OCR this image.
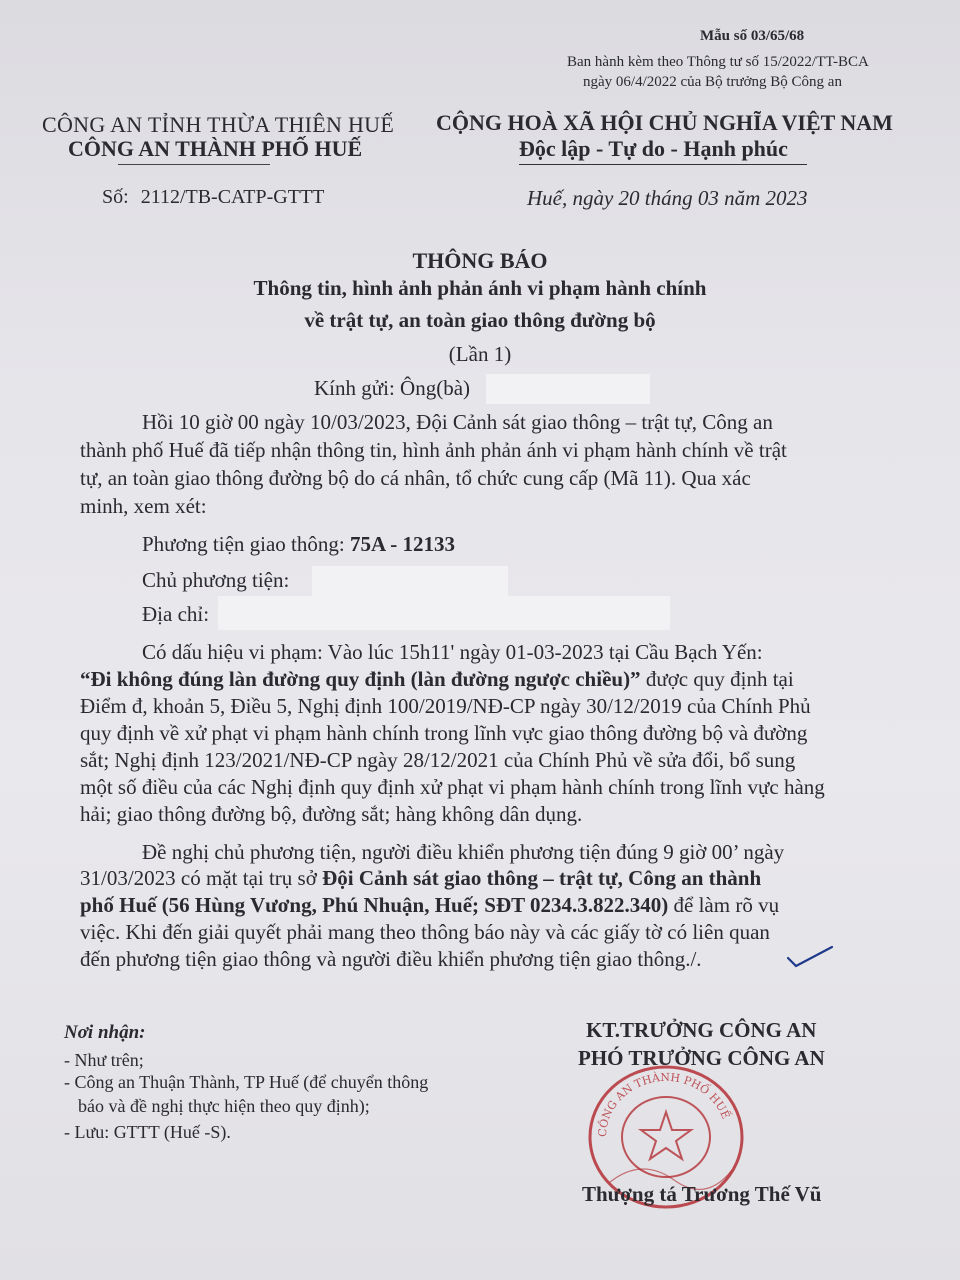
Mẫu số 03/65/68
Ban hành kèm theo Thông tư số 15/2022/TT-BCA
ngày 06/4/2022 của Bộ trưởng Bộ Công an
CÔNG AN TỈNH THỪA THIÊN HUẾ
CÔNG AN THÀNH PHỐ HUẾ
CỘNG HOÀ XÃ HỘI CHỦ NGHĨA VIỆT NAM
Độc lập - Tự do - Hạnh phúc
Số: 2112/TB-CATP-GTTT	Huế, ngày 20 tháng 03 năm 2023
THÔNG BÁO
Thông tin, hình ảnh phản ánh vi phạm hành chính
về trật tự, an toàn giao thông đường bộ
(Lần 1)
Kính gửi: Ông(bà)
Hồi 10 giờ 00 ngày 10/03/2023, Đội Cảnh sát giao thông – trật tự, Công an
thành phố Huế đã tiếp nhận thông tin, hình ảnh phản ánh vi phạm hành chính về trật
tự, an toàn giao thông đường bộ do cá nhân, tổ chức cung cấp (Mã 11). Qua xác
minh, xem xét:
Phương tiện giao thông: 75A - 12133
Chủ phương tiện:
Địa chỉ:
Có dấu hiệu vi phạm: Vào lúc 15h11' ngày 01-03-2023 tại Cầu Bạch Yến:
“Đi không đúng làn đường quy định (làn đường ngược chiều)” được quy định tại
Điểm đ, khoản 5, Điều 5, Nghị định 100/2019/NĐ-CP ngày 30/12/2019 của Chính Phủ
quy định về xử phạt vi phạm hành chính trong lĩnh vực giao thông đường bộ và đường
sắt; Nghị định 123/2021/NĐ-CP ngày 28/12/2021 của Chính Phủ về sửa đổi, bổ sung
một số điều của các Nghị định quy định xử phạt vi phạm hành chính trong lĩnh vực hàng
hải; giao thông đường bộ, đường sắt; hàng không dân dụng.
Đề nghị chủ phương tiện, người điều khiển phương tiện đúng 9 giờ 00’ ngày
31/03/2023 có mặt tại trụ sở Đội Cảnh sát giao thông – trật tự, Công an thành
phố Huế (56 Hùng Vương, Phú Nhuận, Huế; SĐT 0234.3.822.340) để làm rõ vụ
việc. Khi đến giải quyết phải mang theo thông báo này và các giấy tờ có liên quan
đến phương tiện giao thông và người điều khiển phương tiện giao thông./.
Nơi nhận:
- Như trên;
- Công an Thuận Thành, TP Huế (để chuyển thông
báo và đề nghị thực hiện theo quy định);
- Lưu: GTTT (Huế -S).
KT.TRƯỞNG CÔNG AN
PHÓ TRƯỞNG CÔNG AN
CÔNG AN THÀNH PHỐ HUẾ
Thượng tá Trương Thế Vũ
